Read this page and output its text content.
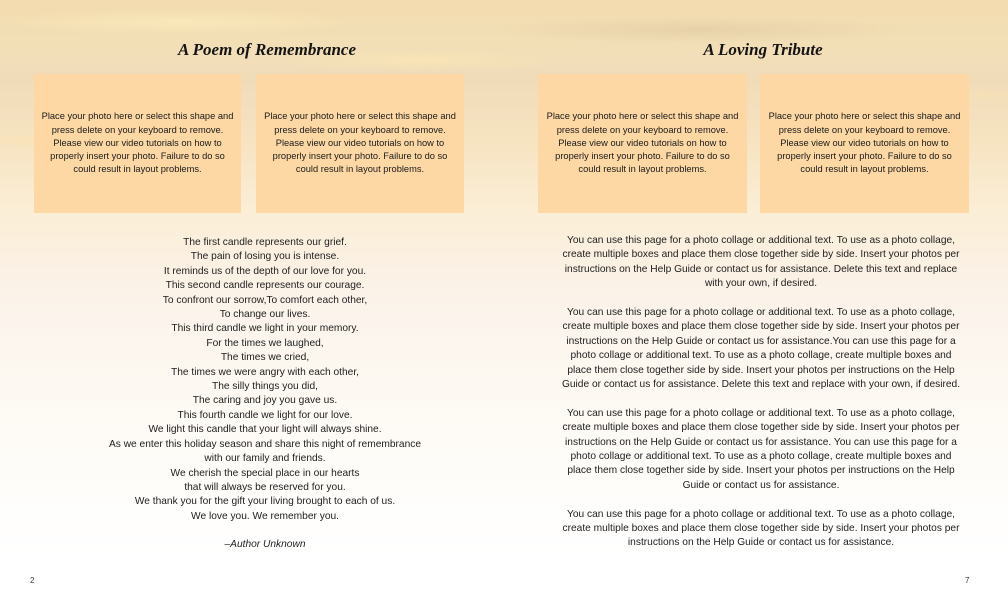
A Poem of Remembrance
Place your photo here or select this shape and press delete on your keyboard to remove. Please view our video tutorials on how to properly insert your photo. Failure to do so could result in layout problems.
Place your photo here or select this shape and press delete on your keyboard to remove. Please view our video tutorials on how to properly insert your photo. Failure to do so could result in layout problems.
The first candle represents our grief.
The pain of losing you is intense.
It reminds us of the depth of our love for you.
This second candle represents our courage.
To confront our sorrow,To comfort each other,
To change our lives.
This third candle we light in your memory.
For the times we laughed,
The times we cried,
The times we were angry with each other,
The silly things you did,
The caring and joy you gave us.
This fourth candle we light for our love.
We light this candle that your light will always shine.
As we enter this holiday season and share this night of remembrance
with our family and friends.
We cherish the special place in our hearts
that will always be reserved for you.
We thank you for the gift your living brought to each of us.
We love you. We remember you.
–Author Unknown
2
A Loving Tribute
Place your photo here or select this shape and press delete on your keyboard to remove. Please view our video tutorials on how to properly insert your photo. Failure to do so could result in layout problems.
Place your photo here or select this shape and press delete on your keyboard to remove. Please view our video tutorials on how to properly insert your photo. Failure to do so could result in layout problems.

You can use this page for a photo collage or additional text. To use as a photo collage, create multiple boxes and place them close together side by side. Insert your photos per instructions on the Help Guide or contact us for assistance. Delete this text and replace with your own, if desired.

You can use this page for a photo collage or additional text. To use as a photo collage, create multiple boxes and place them close together side by side. Insert your photos per instructions on the Help Guide or contact us for assistance.You can use this page for a photo collage or additional text. To use as a photo collage, create multiple boxes and place them close together side by side. Insert your photos per instructions on the Help Guide or contact us for assistance. Delete this text and replace with your own, if desired.

You can use this page for a photo collage or additional text. To use as a photo collage, create multiple boxes and place them close together side by side. Insert your photos per instructions on the Help Guide or contact us for assistance. You can use this page for a photo collage or additional text. To use as a photo collage, create multiple boxes and place them close together side by side. Insert your photos per instructions on the Help Guide or contact us for assistance.

You can use this page for a photo collage or additional text. To use as a photo collage, create multiple boxes and place them close together side by side. Insert your photos per instructions on the Help Guide or contact us for assistance.

7
